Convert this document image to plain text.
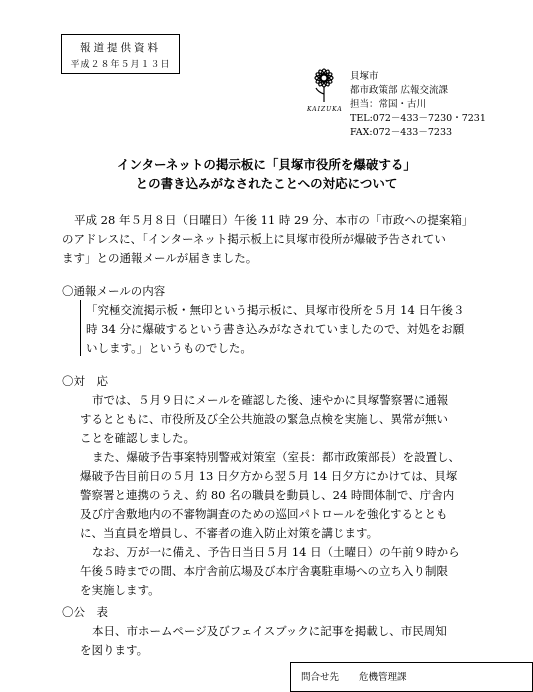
報道提供資料
平成２８年５月１３日
KAIZUKA
貝塚市
都市政策部 広報交流課
担当：常国・古川
TEL:072－433－7230・7231
FAX:072－433－7233
インターネットの掲示板に「貝塚市役所を爆破する」
との書き込みがなされたことへの対応について
平成 28 年５月８日（日曜日）午後 11 時 29 分、本市の「市政への提案箱」
のアドレスに、「インターネット掲示板上に貝塚市役所が爆破予告されてい
ます」との通報メールが届きました。
〇通報メールの内容
「究極交流掲示板・無印という掲示板に、貝塚市役所を５月 14 日午後３
時 34 分に爆破するという書き込みがなされていましたので、対処をお願
いします。」というものでした。
〇対　応
市では、５月９日にメールを確認した後、速やかに貝塚警察署に通報
するとともに、市役所及び全公共施設の緊急点検を実施し、異常が無い
ことを確認しました。
また、爆破予告事案特別警戒対策室（室長：都市政策部長）を設置し、
爆破予告目前日の５月 13 日夕方から翌５月 14 日夕方にかけては、貝塚
警察署と連携のうえ、約 80 名の職員を動員し、24 時間体制で、庁舎内
及び庁舎敷地内の不審物調査のための巡回パトロールを強化するととも
に、当直員を増員し、不審者の進入防止対策を講じます。
なお、万が一に備え、予告日当日５月 14 日（土曜日）の午前９時から
午後５時までの間、本庁舎前広場及び本庁舎裏駐車場への立ち入り制限
を実施します。
〇公　表
本日、市ホームページ及びフェイスブックに記事を掲載し、市民周知
を図ります。
問合せ先 危機管理課
